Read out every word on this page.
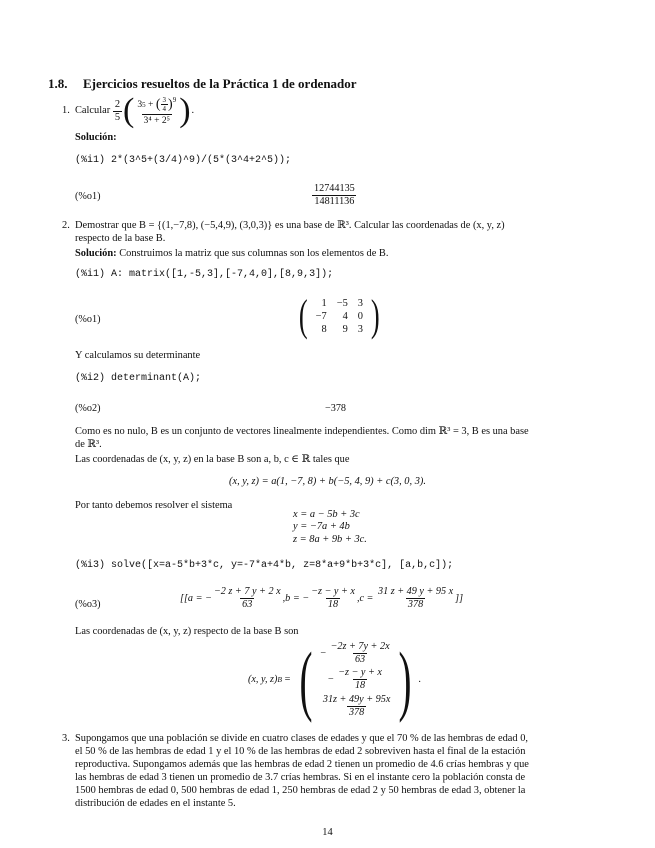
1.8. Ejercicios resueltos de la Práctica 1 de ordenador
1. Calcular
$\frac{2}{5}$ ( 3 5
+
( $\frac{3}{4} )^9$
3⁴ + 2⁵ ) .
Solución:
(%i1) 2*(3^5+(3/4)^9)/(5*(3^4+2^5));
(%o1)	$\frac{12744135}{14811136}$
2. Demostrar que B = {(1,−7,8), (−5,4,9), (3,0,3)} es una base de ℝ³. Calcular las coordenadas de (x, y, z)
respecto de la base B.
Solución: Construimos la matriz que sus columnas son los elementos de B.
(%i1) A: matrix([1,-5,3],[-7,4,0],[8,9,3]);
(%o1)	( 1	−5	3
−7	4	0
8	9	3 )
Y calculamos su determinante
(%i2) determinant(A);
(%o2)	−378
Como es no nulo, B es un conjunto de vectores linealmente independientes. Como dim ℝ³ = 3, B es una base
de ℝ³.
Las coordenadas de (x, y, z) en la base B son a, b, c ∈ ℝ tales que
(x, y, z) = a(1, −7, 8) + b(−5, 4, 9) + c(3, 0, 3).
Por tanto debemos resolver el sistema
x = a − 5b + 3c
y = −7a + 4b
z = 8a + 9b + 3c.
(%i3) solve([x=a-5*b+3*c, y=-7*a+4*b, z=8*a+9*b+3*c], [a,b,c]);
(%o3)
[[a = − $\frac{-2 z + 7 y + 2 x}{63} ,b$ = − $\frac{-z - y + x}{18} ,c$ =
$\frac{31 z + 49 y + 95 x}{378}$ ]]
Las coordenadas de (x, y, z) respecto de la base B son
(x, y, z) B
=
( − $\frac{-2z + 7y + 2x}{63}$
− $\frac{-z - y + x}{18}$
$\frac{31z + 49y + 95x}{378}$ ) .
3. Supongamos que una población se divide en cuatro clases de edades y que el 70 % de las hembras de edad 0,
el 50 % de las hembras de edad 1 y el 10 % de las hembras de edad 2 sobreviven hasta el final de la estación
reproductiva. Supongamos además que las hembras de edad 2 tienen un promedio de 4.6 crías hembras y que
las hembras de edad 3 tienen un promedio de 3.7 crías hembras. Si en el instante cero la población consta de
1500 hembras de edad 0, 500 hembras de edad 1, 250 hembras de edad 2 y 50 hembras de edad 3, obtener la
distribución de edades en el instante 5.
14
